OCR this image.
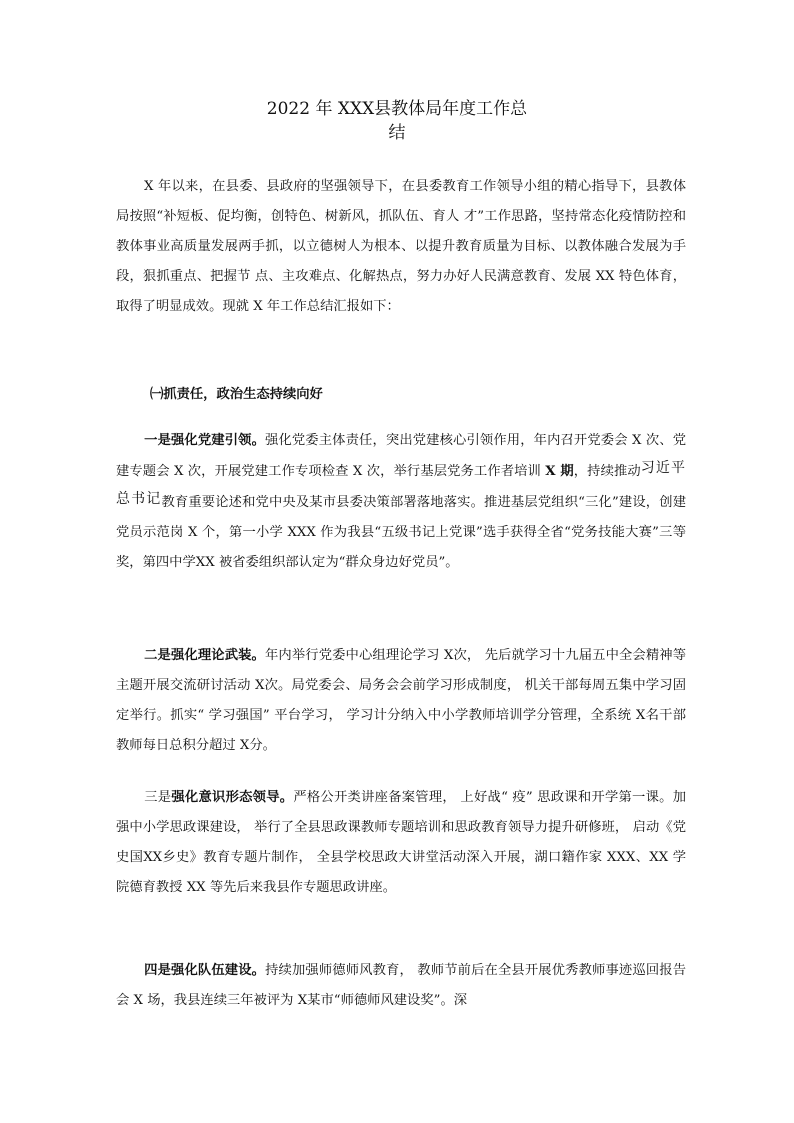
2022 年 XXX县教体局年度工作总
结
X 年以来，在县委、县政府的坚强领导下，在县委教育工作领导小组的精心指导下，县教体局按照“补短板、促均衡，创特色、树新风，抓队伍、育人 才”工作思路，坚持常态化疫情防控和教体事业高质量发展两手抓，以立德树人为根本、以提升教育质量为目标、以教体融合发展为手段，狠抓重点、把握节 点、主攻难点、化解热点，努力办好人民满意教育、发展 XX 特色体育，取得了明显成效。现就 X 年工作总结汇报如下：
㈠抓责任，政治生态持续向好
一是强化党建引领。强化党委主体责任，突出党建核心引领作用，年内召开党委会 X 次、党建专题会 X 次，开展党建工作专项检查 X 次，举行基层党务工作者培训 X 期，持续推动习近平总书记教育重要论述和党中央及某市县委决策部署落地落实。推进基层党组织“三化”建设，创建党员示范岗 X 个，第一小学 XXX 作为我县“五级书记上党课”选手获得全省“党务技能大赛”三等奖，第四中学XX 被省委组织部认定为“群众身边好党员”。
二是强化理论武装。年内举行党委中心组理论学习 X次， 先后就学习十九届五中全会精神等主题开展交流研讨活动 X次。局党委会、局务会会前学习形成制度， 机关干部每周五集中学习固定举行。抓实“ 学习强国” 平台学习， 学习计分纳入中小学教师培训学分管理，全系统 X名干部教师每日总积分超过 X分。
三是强化意识形态领导。严格公开类讲座备案管理， 上好战“ 疫” 思政课和开学第一课。加强中小学思政课建设， 举行了全县思政课教师专题培训和思政教育领导力提升研修班， 启动《党史国XX乡史》教育专题片制作， 全县学校思政大讲堂活动深入开展，湖口籍作家 XXX、XX 学院德育教授 XX 等先后来我县作专题思政讲座。
四是强化队伍建设。持续加强师德师风教育， 教师节前后在全县开展优秀教师事迹巡回报告会 X 场，我县连续三年被评为 X某市“师德师风建设奖”。深
